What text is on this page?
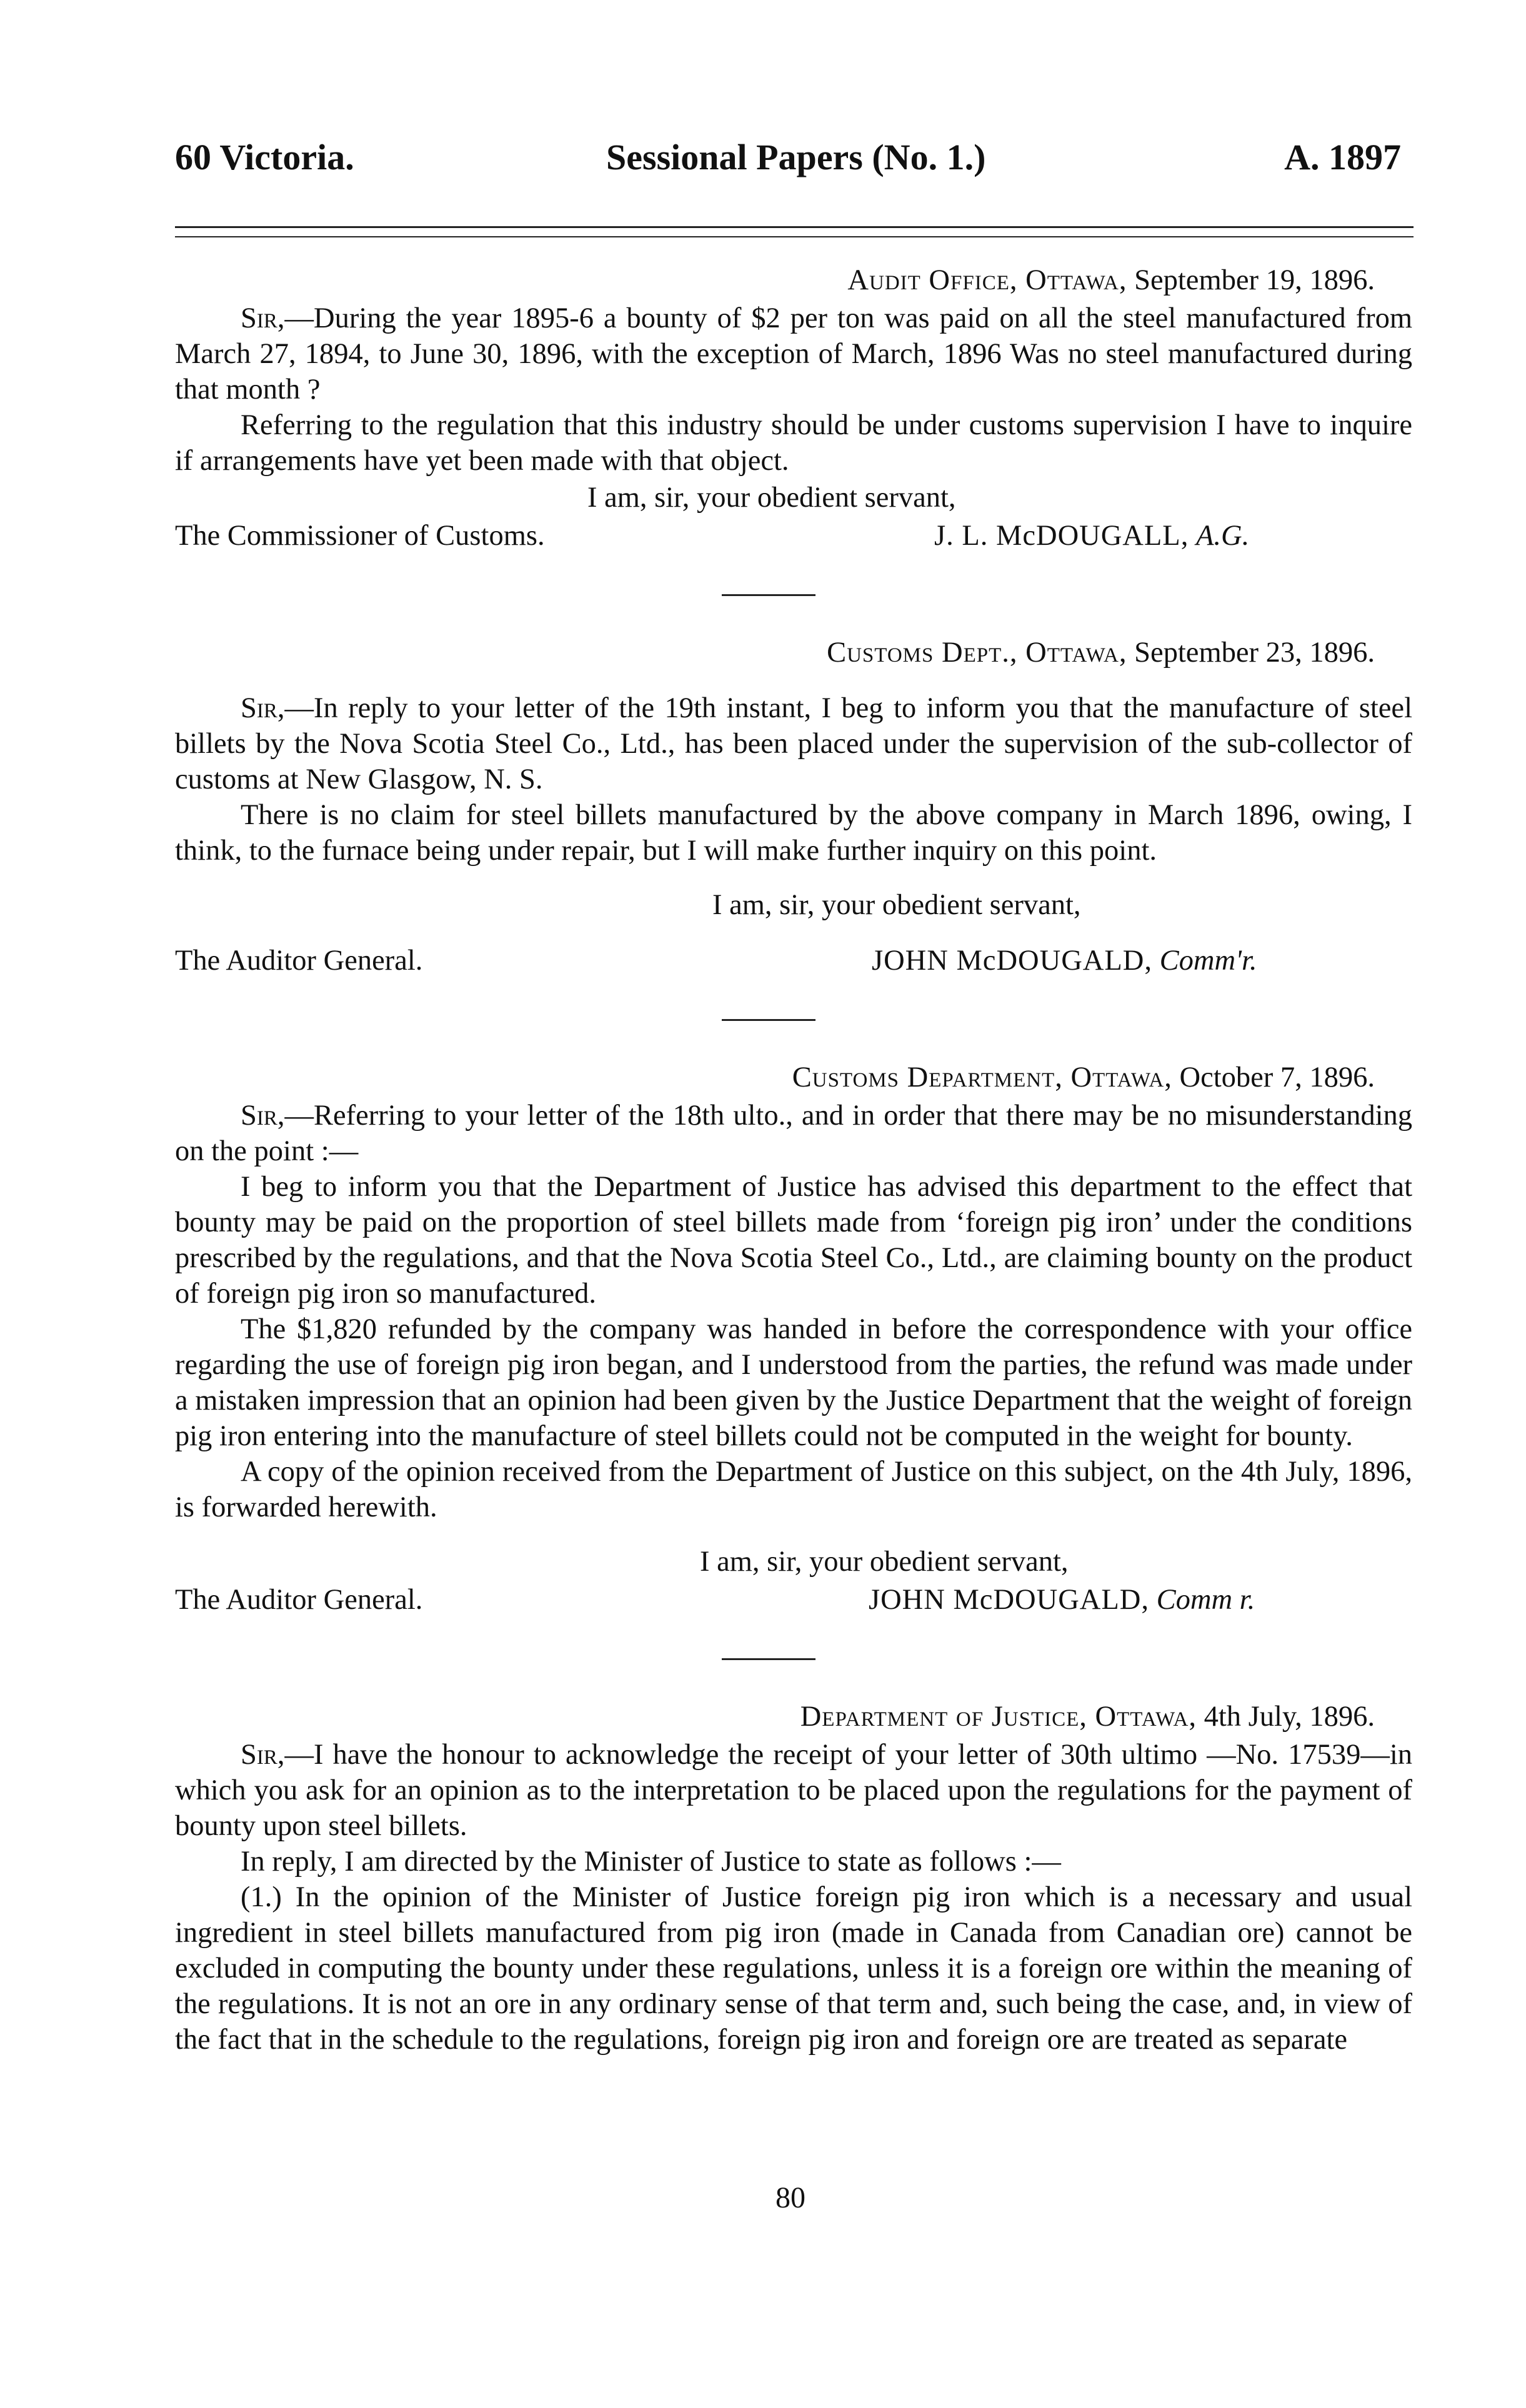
60 Victoria.	Sessional Papers (No. 1.)	A. 1897
Audit Office, Ottawa, September 19, 1896.

Sir,—During the year 1895-6 a bounty of $2 per ton was paid on all the steel manufactured from March 27, 1894, to June 30, 1896, with the exception of March, 1896 Was no steel manufactured during that month ?

Referring to the regulation that this industry should be under customs supervision I have to inquire if arrangements have yet been made with that object.

I am, sir, your obedient servant,
The Commissioner of Customs.	J. L. McDOUGALL, A.G.
Customs Dept., Ottawa, September 23, 1896.

Sir,—In reply to your letter of the 19th instant, I beg to inform you that the manufacture of steel billets by the Nova Scotia Steel Co., Ltd., has been placed under the supervision of the sub-collector of customs at New Glasgow, N. S.

There is no claim for steel billets manufactured by the above company in March 1896, owing, I think, to the furnace being under repair, but I will make further inquiry on this point.

I am, sir, your obedient servant,
The Auditor General.	JOHN McDOUGALD, Comm'r.
Customs Department, Ottawa, October 7, 1896.

Sir,—Referring to your letter of the 18th ulto., and in order that there may be no misunderstanding on the point :—

I beg to inform you that the Department of Justice has advised this department to the effect that bounty may be paid on the proportion of steel billets made from ‘foreign pig iron’ under the conditions prescribed by the regulations, and that the Nova Scotia Steel Co., Ltd., are claiming bounty on the product of foreign pig iron so manufactured.

The $1,820 refunded by the company was handed in before the correspondence with your office regarding the use of foreign pig iron began, and I understood from the parties, the refund was made under a mistaken impression that an opinion had been given by the Justice Department that the weight of foreign pig iron entering into the manufacture of steel billets could not be computed in the weight for bounty.

A copy of the opinion received from the Department of Justice on this subject, on the 4th July, 1896, is forwarded herewith.

I am, sir, your obedient servant,
The Auditor General.	JOHN McDOUGALD, Comm r.
Department of Justice, Ottawa, 4th July, 1896.

Sir,—I have the honour to acknowledge the receipt of your letter of 30th ultimo —No. 17539—in which you ask for an opinion as to the interpretation to be placed upon the regulations for the payment of bounty upon steel billets.

In reply, I am directed by the Minister of Justice to state as follows :—

(1.) In the opinion of the Minister of Justice foreign pig iron which is a necessary and usual ingredient in steel billets manufactured from pig iron (made in Canada from Canadian ore) cannot be excluded in computing the bounty under these regulations, unless it is a foreign ore within the meaning of the regulations. It is not an ore in any ordinary sense of that term and, such being the case, and, in view of the fact that in the schedule to the regulations, foreign pig iron and foreign ore are treated as separate

80
